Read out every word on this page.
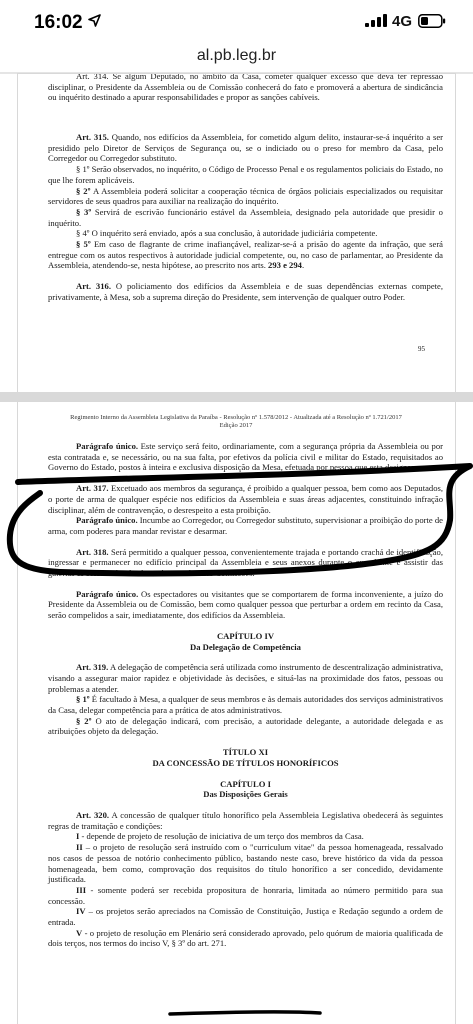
16:02	4G
al.pb.leg.br

Art. 314. Se algum Deputado, no âmbito da Casa, cometer qualquer excesso que deva ter repressão disciplinar, o Presidente da Assembleia ou de Comissão conhecerá do fato e promoverá a abertura de sindicância ou inquérito destinado a apurar responsabilidades e propor as sanções cabíveis.

Art. 315. Quando, nos edifícios da Assembleia, for cometido algum delito, instaurar-se-á inquérito a ser presidido pelo Diretor de Serviços de Segurança ou, se o indiciado ou o preso for membro da Casa, pelo Corregedor ou Corregedor substituto.

§ 1º Serão observados, no inquérito, o Código de Processo Penal e os regulamentos policiais do Estado, no que lhe forem aplicáveis.

§ 2º A Assembleia poderá solicitar a cooperação técnica de órgãos policiais especializados ou requisitar servidores de seus quadros para auxiliar na realização do inquérito.

§ 3º Servirá de escrivão funcionário estável da Assembleia, designado pela autoridade que presidir o inquérito.

§ 4º O inquérito será enviado, após a sua conclusão, à autoridade judiciária competente.

§ 5º Em caso de flagrante de crime inafiançável, realizar-se-á a prisão do agente da infração, que será entregue com os autos respectivos à autoridade judicial competente, ou, no caso de parlamentar, ao Presidente da Assembleia, atendendo-se, nesta hipótese, ao prescrito nos arts. 293 e 294.

Art. 316. O policiamento dos edifícios da Assembleia e de suas dependências externas compete, privativamente, à Mesa, sob a suprema direção do Presidente, sem intervenção de qualquer outro Poder.

95
Regimento Interno da Assembleia Legislativa da Paraíba - Resolução nº 1.578/2012 - Atualizada até a Resolução nº 1.721/2017
Edição 2017

Parágrafo único. Este serviço será feito, ordinariamente, com a segurança própria da Assembleia ou por esta contratada e, se necessário, ou na sua falta, por efetivos da polícia civil e militar do Estado, requisitados ao Governo do Estado, postos à inteira e exclusiva disposição da Mesa, efetuada por pessoa que esta designar.

Art. 317. Excetuado aos membros da segurança, é proibido a qualquer pessoa, bem como aos Deputados, o porte de arma de qualquer espécie nos edifícios da Assembleia e suas áreas adjacentes, constituindo infração disciplinar, além de contravenção, o desrespeito a esta proibição.

Parágrafo único. Incumbe ao Corregedor, ou Corregedor substituto, supervisionar a proibição do porte de arma, com poderes para mandar revistar e desarmar.

Art. 318. Será permitido a qualquer pessoa, convenientemente trajada e portando crachá de identificação, ingressar e permanecer no edifício principal da Assembleia e seus anexos durante o expediente e assistir das galerias às sessões do Plenário e às reuniões das Comissões.

Parágrafo único. Os espectadores ou visitantes que se comportarem de forma inconveniente, a juízo do Presidente da Assembleia ou de Comissão, bem como qualquer pessoa que perturbar a ordem em recinto da Casa, serão compelidos a sair, imediatamente, dos edifícios da Assembleia.

CAPÍTULO IV

Da Delegação de Competência

Art. 319. A delegação de competência será utilizada como instrumento de descentralização administrativa, visando a assegurar maior rapidez e objetividade às decisões, e situá-las na proximidade dos fatos, pessoas ou problemas a atender.

§ 1º É facultado à Mesa, a qualquer de seus membros e às demais autoridades dos serviços administrativos da Casa, delegar competência para a prática de atos administrativos.

§ 2º O ato de delegação indicará, com precisão, a autoridade delegante, a autoridade delegada e as atribuições objeto da delegação.

TÍTULO XI

DA CONCESSÃO DE TÍTULOS HONORÍFICOS

CAPÍTULO I

Das Disposições Gerais

Art. 320. A concessão de qualquer título honorífico pela Assembleia Legislativa obedecerá às seguintes regras de tramitação e condições:

I - depende de projeto de resolução de iniciativa de um terço dos membros da Casa.

II – o projeto de resolução será instruído com o "curriculum vitae" da pessoa homenageada, ressalvado nos casos de pessoa de notório conhecimento público, bastando neste caso, breve histórico da vida da pessoa homenageada, bem como, comprovação dos requisitos do título honorífico a ser concedido, devidamente justificada.

III - somente poderá ser recebida propositura de honraria, limitada ao número permitido para sua concessão.

IV – os projetos serão apreciados na Comissão de Constituição, Justiça e Redação segundo a ordem de entrada.

V - o projeto de resolução em Plenário será considerado aprovado, pelo quórum de maioria qualificada de dois terços, nos termos do inciso V, § 3º do art. 271.
